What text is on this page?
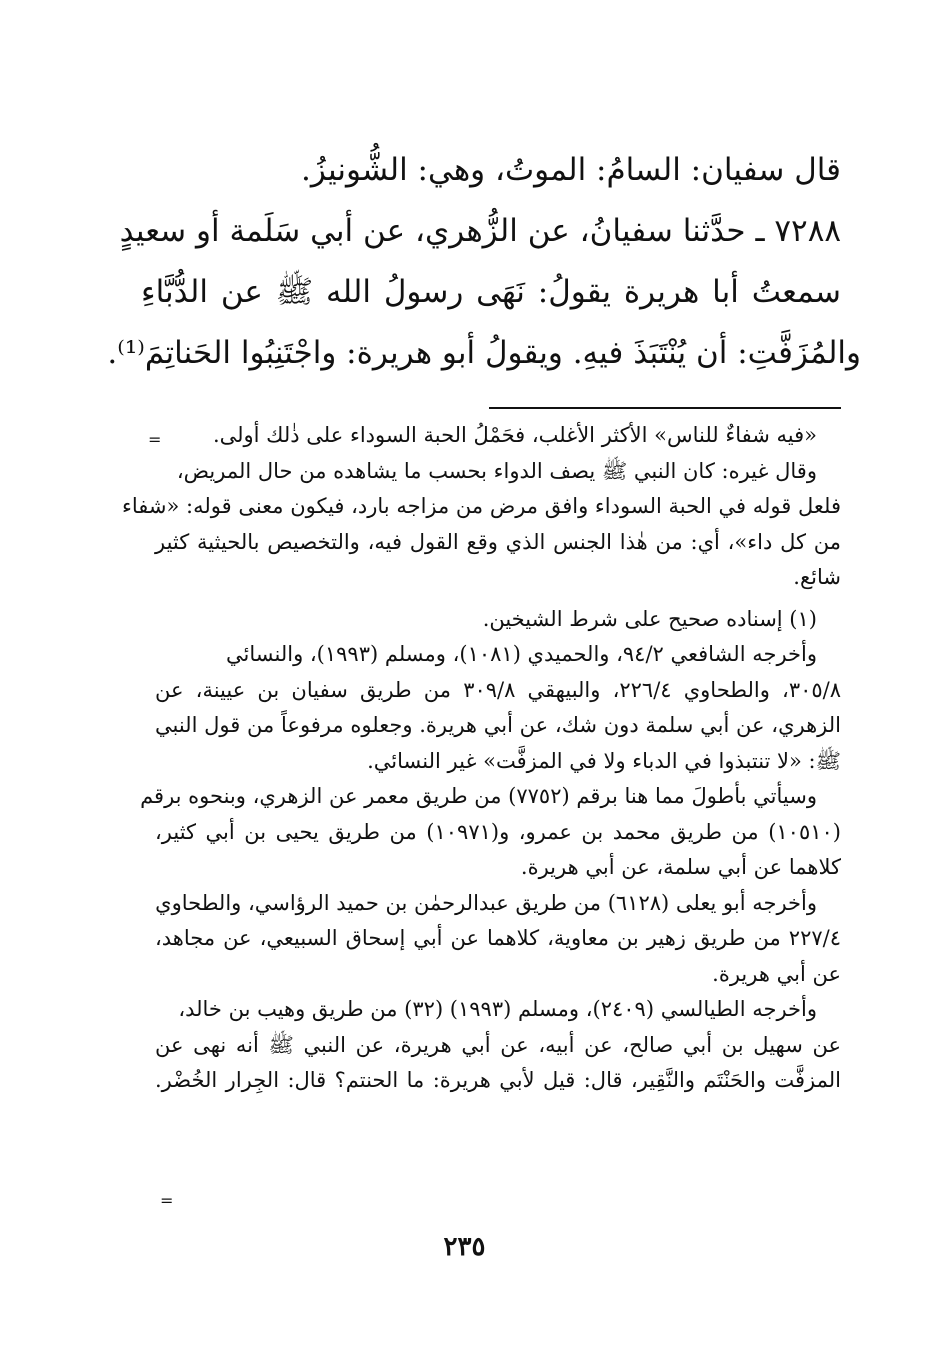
قال سفيان: السامُ: الموتُ، وهي: الشُّونيزُ.
٧٢٨٨ ـ حدَّثنا سفيانُ، عن الزُّهري، عن أبي سَلَمة أو سعيدٍ
سمعتُ أبا هريرة يقولُ: نَهَى رسولُ الله ﷺ عن الدُّبَّاءِ
والمُزَفَّتِ: أن يُنْتَبَذَ فيهِ. ويقولُ أبو هريرة: واجْتَنِبُوا الحَناتِمَ⁽¹⁾.
=	«فيه شفاءٌ للناس» الأكثر الأغلب، فحَمْلُ الحبة السوداء على ذٰلك أولى.
وقال غيره: كان النبي ﷺ يصف الدواء بحسب ما يشاهده من حال المريض،
فلعل قوله في الحبة السوداء وافق مرض من مزاجه بارد، فيكون معنى قوله: «شفاء
من كل داء»، أي: من هٰذا الجنس الذي وقع القول فيه، والتخصيص بالحيثية كثير
شائع.
(١) إسناده صحيح على شرط الشيخين.
وأخرجه الشافعي ٩٤/٢، والحميدي (١٠٨١)، ومسلم (١٩٩٣)، والنسائي
٣٠٥/٨، والطحاوي ٢٢٦/٤، والبيهقي ٣٠٩/٨ من طريق سفيان بن عيينة، عن
الزهري، عن أبي سلمة دون شك، عن أبي هريرة. وجعلوه مرفوعاً من قول النبي
ﷺ: «لا تنتبذوا في الدباء ولا في المزفَّت» غير النسائي.
وسيأتي بأطولَ مما هنا برقم (٧٧٥٢) من طريق معمر عن الزهري، وبنحوه برقم
(١٠٥١٠) من طريق محمد بن عمرو، و(١٠٩٧١) من طريق يحيى بن أبي كثير،
كلاهما عن أبي سلمة، عن أبي هريرة.
وأخرجه أبو يعلى (٦١٢٨) من طريق عبدالرحمٰن بن حميد الرؤاسي، والطحاوي
٢٢٧/٤ من طريق زهير بن معاوية، كلاهما عن أبي إسحاق السبيعي، عن مجاهد،
عن أبي هريرة.
وأخرجه الطيالسي (٢٤٠٩)، ومسلم (١٩٩٣) (٣٢) من طريق وهيب بن خالد،
عن سهيل بن أبي صالح، عن أبيه، عن أبي هريرة، عن النبي ﷺ أنه نهى عن
المزفَّت والحَنْتَم والنَّقِير، قال: قيل لأبي هريرة: ما الحنتم؟ قال: الجِرار الخُضْر.
=
٢٣٥
